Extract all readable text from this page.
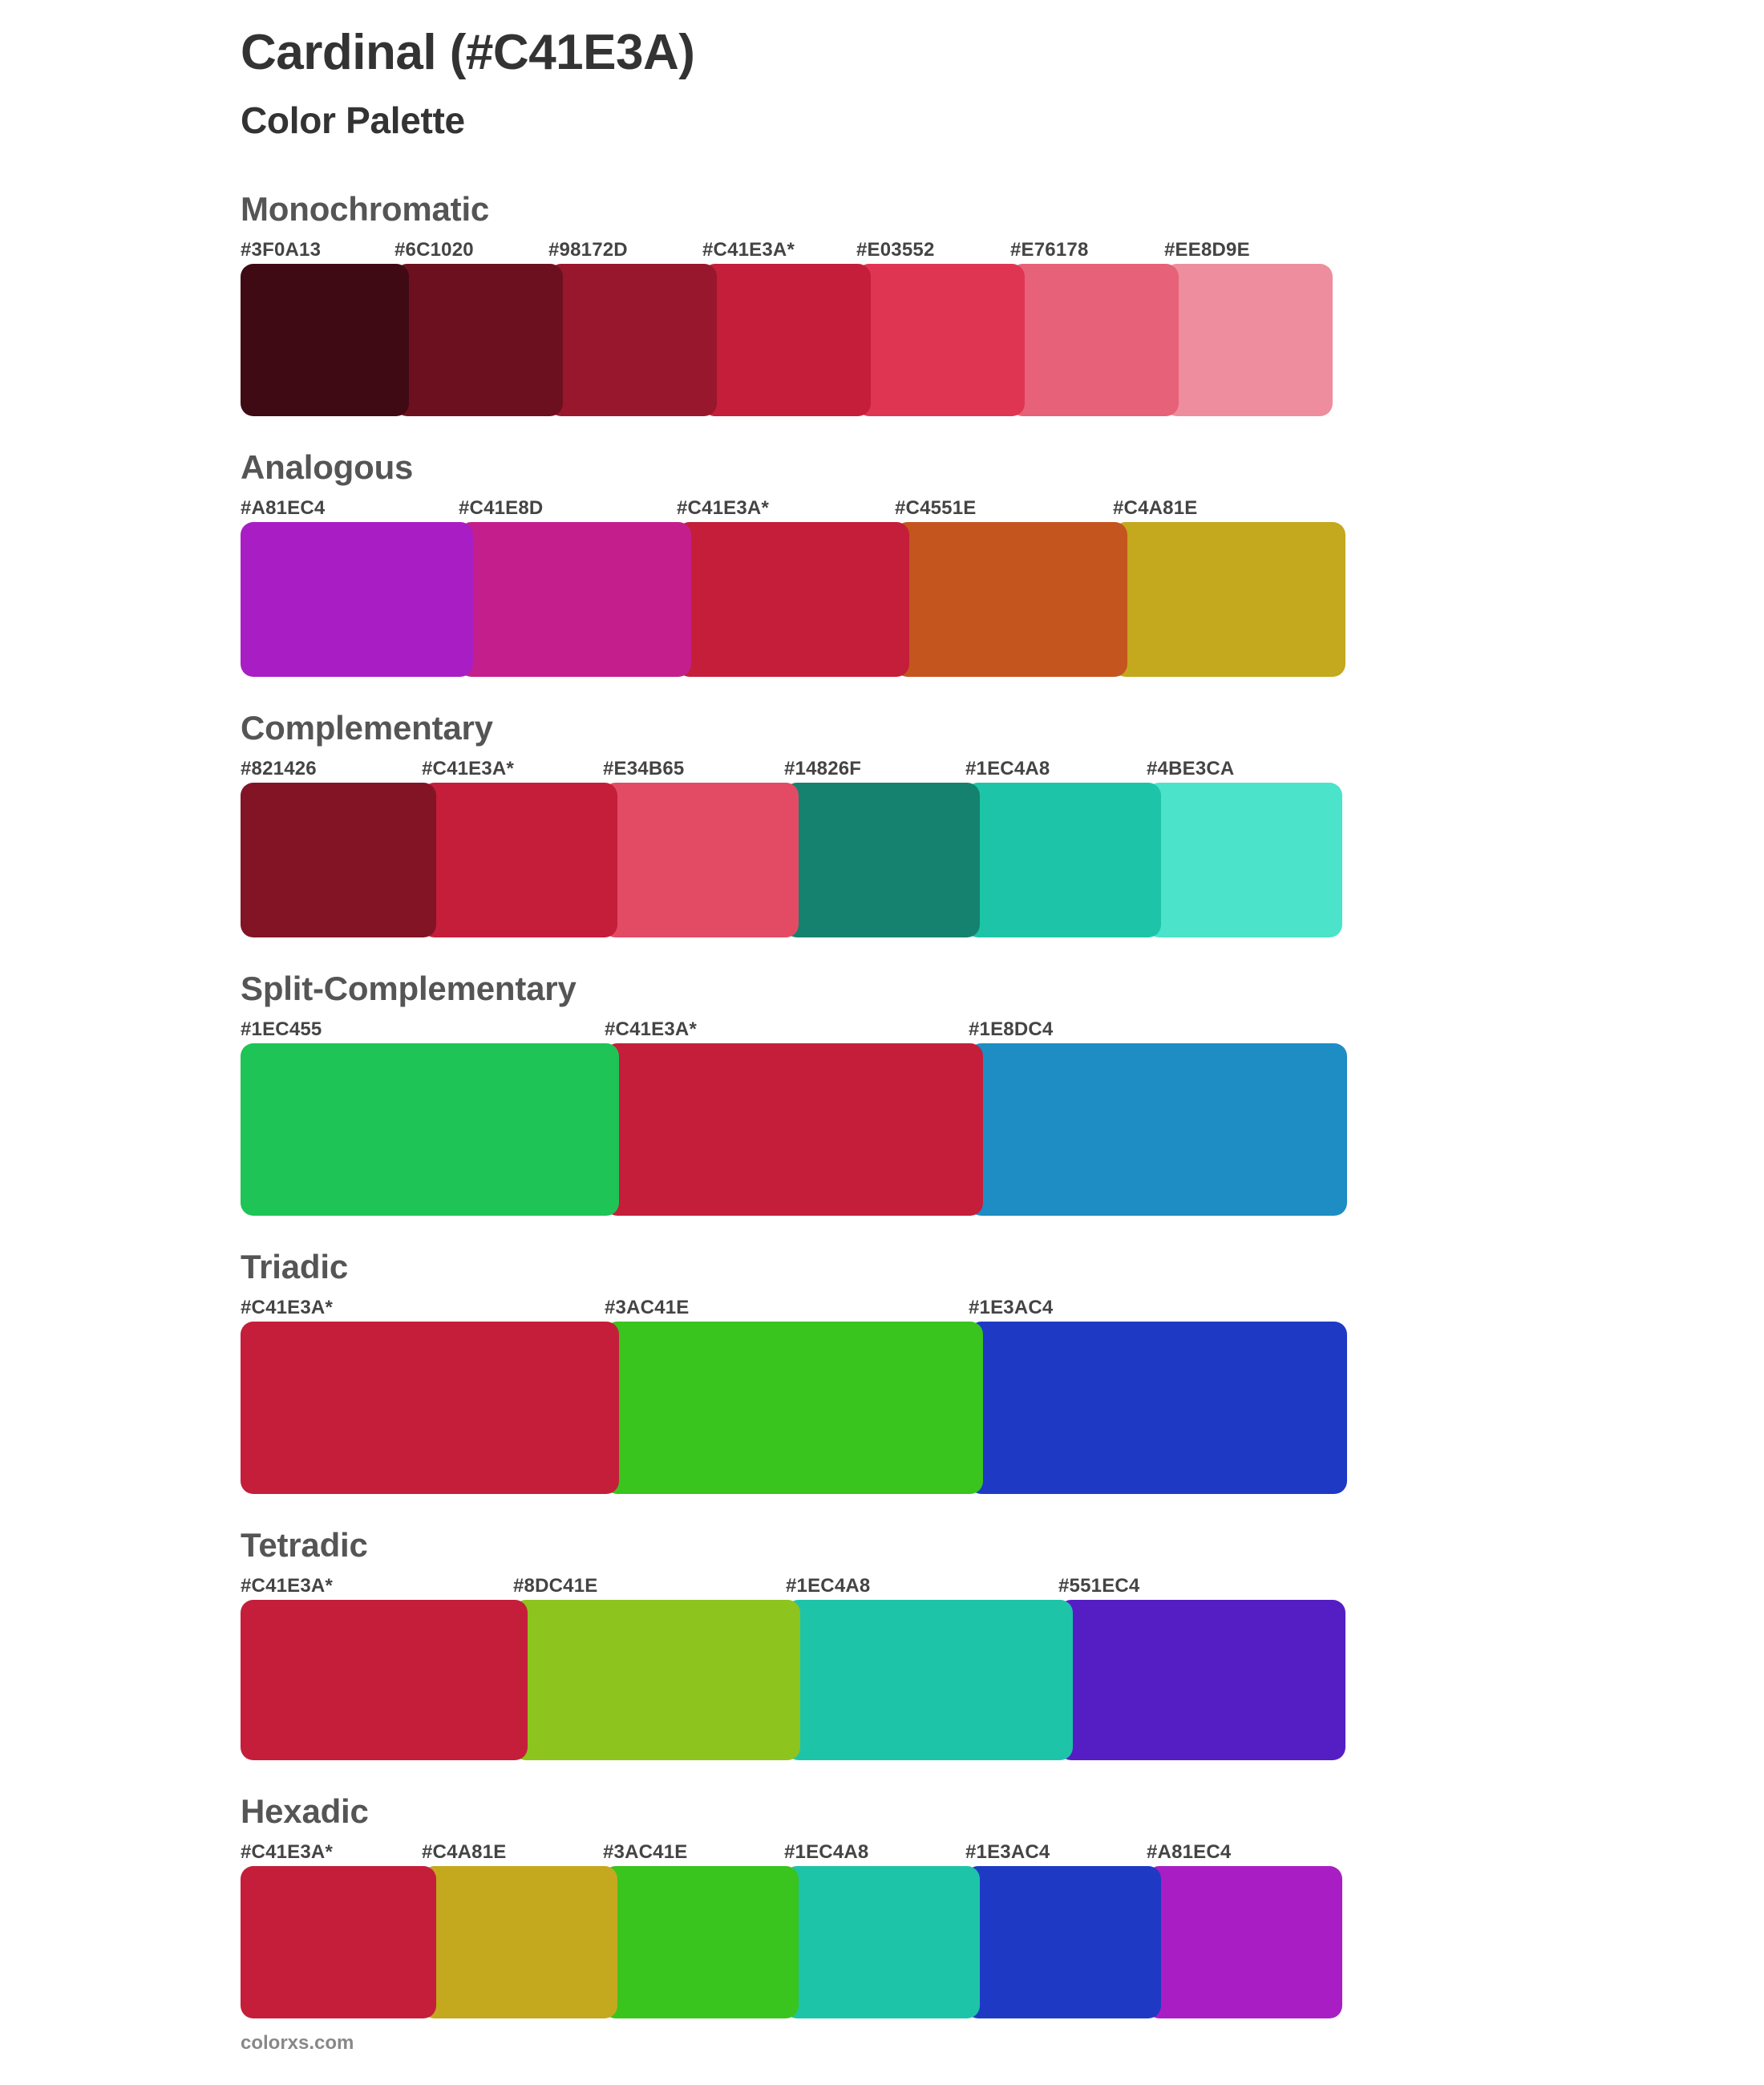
Cardinal (#C41E3A)
Color Palette
Monochromatic
#3F0A13	#6C1020	#98172D	#C41E3A*	#E03552	#E76178	#EE8D9E
Analogous
#A81EC4	#C41E8D	#C41E3A*	#C4551E	#C4A81E
Complementary
#821426	#C41E3A*	#E34B65	#14826F	#1EC4A8	#4BE3CA
Split-Complementary
#1EC455	#C41E3A*	#1E8DC4
Triadic
#C41E3A*	#3AC41E	#1E3AC4
Tetradic
#C41E3A*	#8DC41E	#1EC4A8	#551EC4
Hexadic
#C41E3A*	#C4A81E	#3AC41E	#1EC4A8	#1E3AC4	#A81EC4
colorxs.com
